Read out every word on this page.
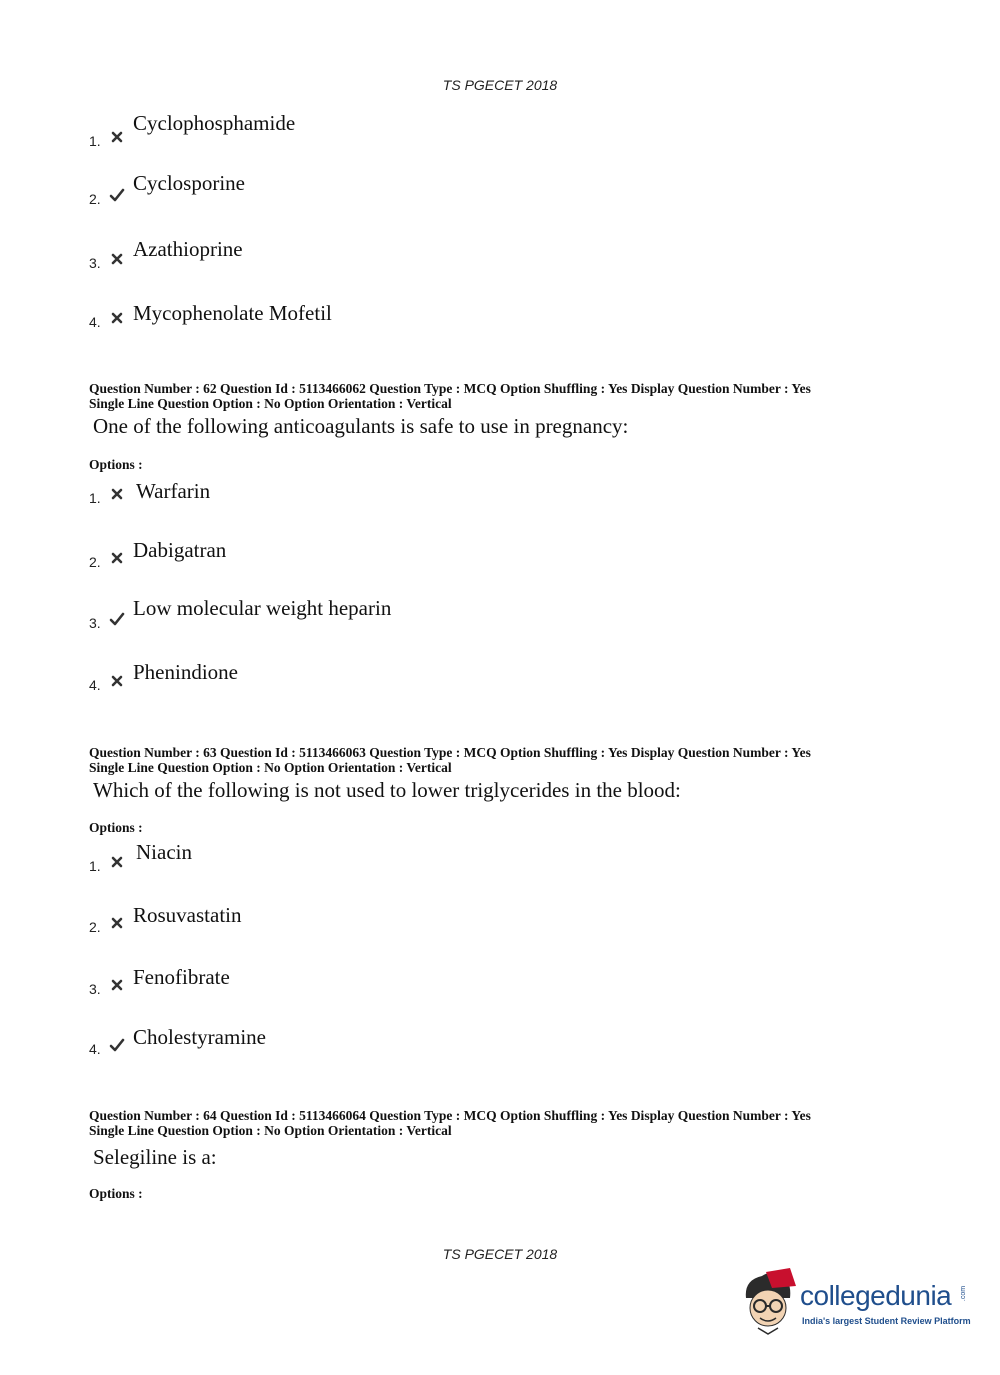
TS PGECET 2018
1.
Cyclophosphamide
2.
Cyclosporine
3.
Azathioprine
4. Mycophenolate Mofetil
Question Number : 62 Question Id : 5113466062 Question Type : MCQ Option Shuffling : Yes Display Question Number : Yes
Single Line Question Option : No Option Orientation : Vertical
One of the following anticoagulants is safe to use in pregnancy:
Options :
1. Warfarin
2. Dabigatran
3.
Low molecular weight heparin
4.
Phenindione
Question Number : 63 Question Id : 5113466063 Question Type : MCQ Option Shuffling : Yes Display Question Number : Yes
Single Line Question Option : No Option Orientation : Vertical
Which of the following is not used to lower triglycerides in the blood:
Options :
1.
Niacin
2. Rosuvastatin
3. Fenofibrate
4. Cholestyramine
Question Number : 64 Question Id : 5113466064 Question Type : MCQ Option Shuffling : Yes Display Question Number : Yes
Single Line Question Option : No Option Orientation : Vertical
Selegiline is a:
Options :
TS PGECET 2018
collegedunia .com
India's largest Student Review Platform
